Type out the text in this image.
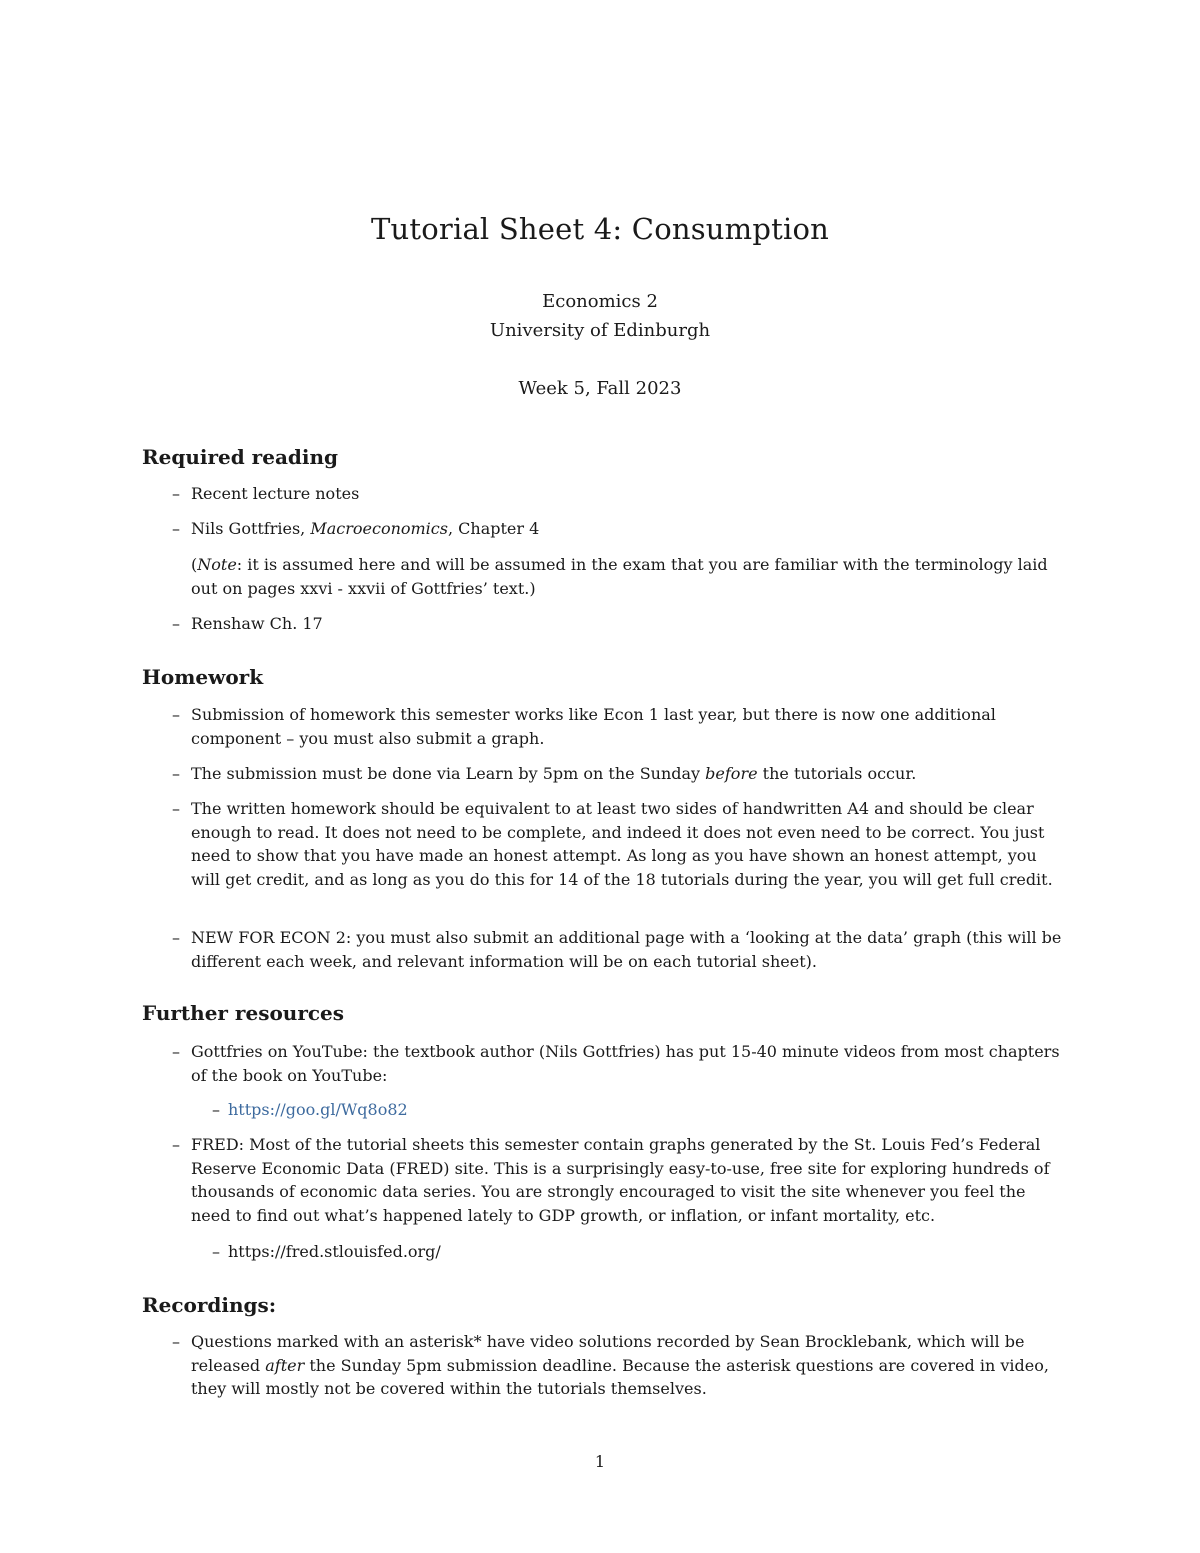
Tutorial Sheet 4: Consumption

Economics 2

University of Edinburgh

Week 5, Fall 2023

Required reading

– Recent lecture notes

– Nils Gottfries, Macroeconomics, Chapter 4

(Note: it is assumed here and will be assumed in the exam that you are familiar with the terminology laid out on pages xxvi - xxvii of Gottfries’ text.)

– Renshaw Ch. 17

Homework

– Submission of homework this semester works like Econ 1 last year, but there is now one additional component – you must also submit a graph.

– The submission must be done via Learn by 5pm on the Sunday before the tutorials occur.

– The written homework should be equivalent to at least two sides of handwritten A4 and should be clear enough to read. It does not need to be complete, and indeed it does not even need to be correct. You just need to show that you have made an honest attempt. As long as you have shown an honest attempt, you will get credit, and as long as you do this for 14 of the 18 tutorials during the year, you will get full credit.

– NEW FOR ECON 2: you must also submit an additional page with a ‘looking at the data’ graph (this will be different each week, and relevant information will be on each tutorial sheet).

Further resources

– Gottfries on YouTube: the textbook author (Nils Gottfries) has put 15-40 minute videos from most chapters of the book on YouTube:

– https://goo.gl/Wq8o82

– FRED: Most of the tutorial sheets this semester contain graphs generated by the St. Louis Fed’s Federal Reserve Economic Data (FRED) site. This is a surprisingly easy-to-use, free site for exploring hundreds of thousands of economic data series. You are strongly encouraged to visit the site whenever you feel the need to find out what’s happened lately to GDP growth, or inflation, or infant mortality, etc.

– https://fred.stlouisfed.org/

Recordings:

– Questions marked with an asterisk* have video solutions recorded by Sean Brocklebank, which will be released after the Sunday 5pm submission deadline. Because the asterisk questions are covered in video, they will mostly not be covered within the tutorials themselves.

1
